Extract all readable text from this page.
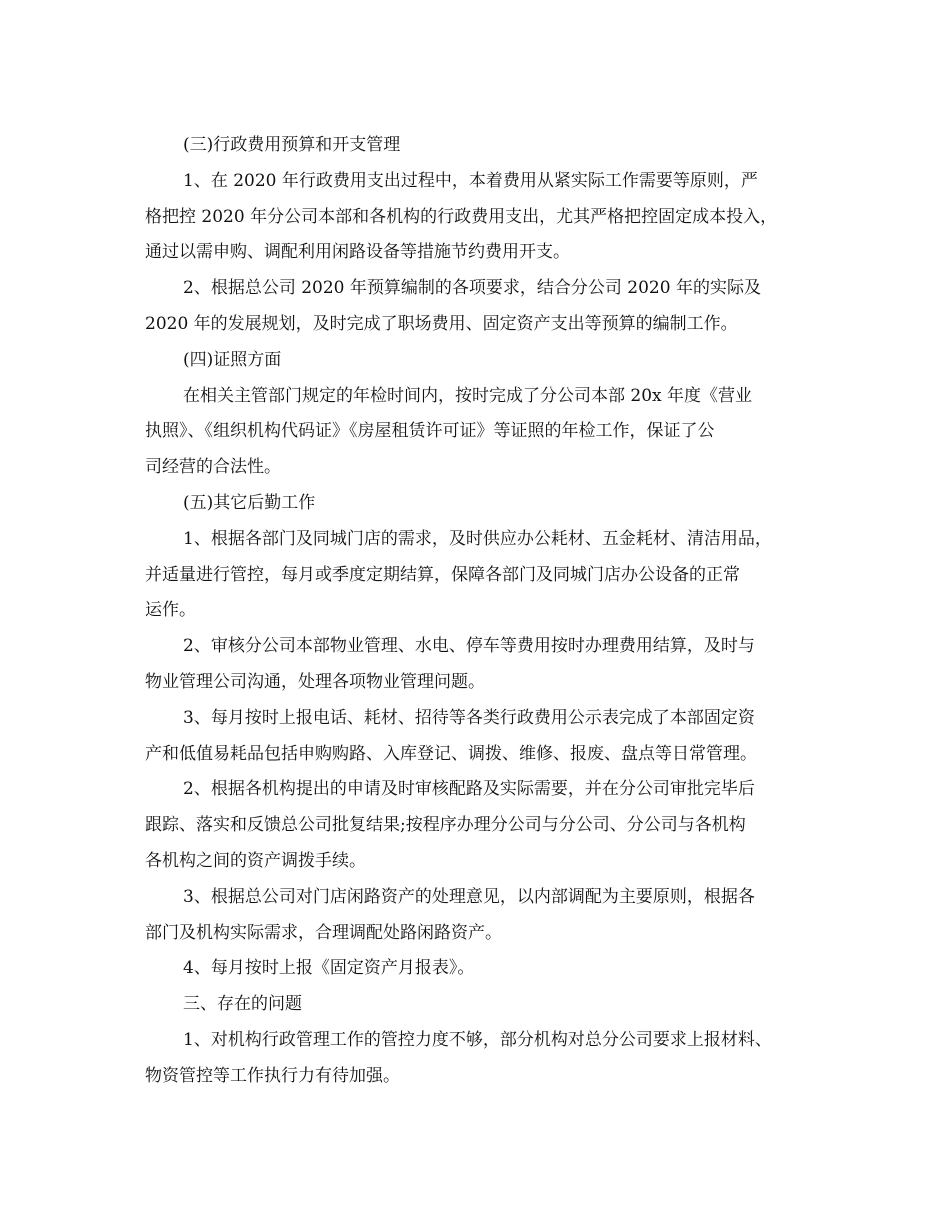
(三)行政费用预算和开支管理
1、在 2020 年行政费用支出过程中，本着费用从紧实际工作需要等原则，严
格把控 2020 年分公司本部和各机构的行政费用支出，尤其严格把控固定成本投入，
通过以需申购、调配利用闲路设备等措施节约费用开支。
2、根据总公司 2020 年预算编制的各项要求，结合分公司 2020 年的实际及
2020 年的发展规划，及时完成了职场费用、固定资产支出等预算的编制工作。
(四)证照方面
在相关主管部门规定的年检时间内，按时完成了分公司本部 20x 年度《营业
执照》、《组织机构代码证》《房屋租赁许可证》等证照的年检工作，保证了公
司经营的合法性。
(五)其它后勤工作
1、根据各部门及同城门店的需求，及时供应办公耗材、五金耗材、清洁用品，
并适量进行管控，每月或季度定期结算，保障各部门及同城门店办公设备的正常
运作。
2、审核分公司本部物业管理、水电、停车等费用按时办理费用结算，及时与
物业管理公司沟通，处理各项物业管理问题。
3、每月按时上报电话、耗材、招待等各类行政费用公示表完成了本部固定资
产和低值易耗品包括申购购路、入库登记、调拨、维修、报废、盘点等日常管理。
2、根据各机构提出的申请及时审核配路及实际需要，并在分公司审批完毕后
跟踪、落实和反馈总公司批复结果;按程序办理分公司与分公司、分公司与各机构
各机构之间的资产调拨手续。
3、根据总公司对门店闲路资产的处理意见，以内部调配为主要原则，根据各
部门及机构实际需求，合理调配处路闲路资产。
4、每月按时上报《固定资产月报表》。
三、存在的问题
1、对机构行政管理工作的管控力度不够，部分机构对总分公司要求上报材料、
物资管控等工作执行力有待加强。
